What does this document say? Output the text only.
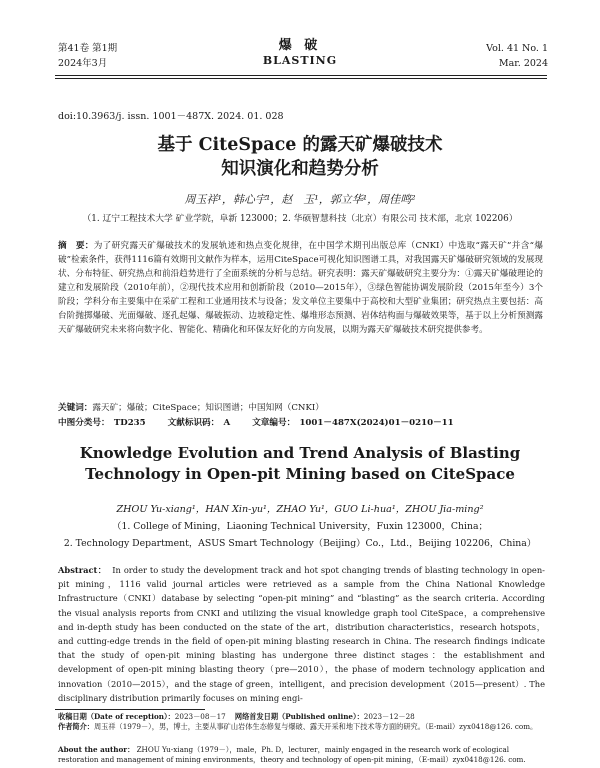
第41卷 第1期
2024年3月
爆 破
BLASTING
Vol. 41 No. 1
Mar. 2024
doi:10.3963/j. issn. 1001－487X. 2024. 01. 028
基于 CiteSpace 的露天矿爆破技术
知识演化和趋势分析
周玉祥¹，韩心宇¹，赵　玉¹，郭立华¹，周佳鸣²
（1. 辽宁工程技术大学 矿业学院，阜新 123000；2. 华硕智慧科技（北京）有限公司 技术部，北京 102206）
摘　要：为了研究露天矿爆破技术的发展轨迹和热点变化规律，在中国学术期刊出版总库（CNKI）中选取“露天矿”并含“爆破”检索条件，获得1116篇有效期刊文献作为样本，运用CiteSpace可视化知识图谱工具，对我国露天矿爆破研究领域的发展现状、分布特征、研究热点和前沿趋势进行了全面系统的分析与总结。研究表明：露天矿爆破研究主要分为：①露天矿爆破理论的建立和发展阶段（2010年前），②现代技术应用和创新阶段（2010—2015年），③绿色智能协调发展阶段（2015年至今）3个阶段；学科分布主要集中在采矿工程和工业通用技术与设备；发文单位主要集中于高校和大型矿业集团；研究热点主要包括：高台阶抛掷爆破、光面爆破、逐孔起爆、爆破振动、边坡稳定性、爆堆形态预测、岩体结构面与爆破效果等，基于以上分析预测露天矿爆破研究未来将向数字化、智能化、精确化和环保友好化的方向发展，以期为露天矿爆破技术研究提供参考。
关键词：露天矿；爆破；CiteSpace；知识图谱；中国知网（CNKI）
中图分类号：　TD235	文献标识码：　A	文章编号：　1001－487X(2024)01－0210－11
Knowledge Evolution and Trend Analysis of Blasting
Technology in Open-pit Mining based on CiteSpace
ZHOU Yu-xiang¹，HAN Xin-yu¹，ZHAO Yu¹，GUO Li-hua¹，ZHOU Jia-ming²
（1. College of Mining，Liaoning Technical University，Fuxin 123000，China；
2. Technology Department，ASUS Smart Technology（Beijing）Co.，Ltd.，Beijing 102206，China）
Abstract： In order to study the development track and hot spot changing trends of blasting technology in open-pit mining，1116 valid journal articles were retrieved as a sample from the China National Knowledge Infrastructure（CNKI）database by selecting “open-pit mining” and “blasting” as the search criteria. According the visual analysis reports from CNKI and utilizing the visual knowledge graph tool CiteSpace，a comprehensive and in-depth study has been conducted on the state of the art，distribution characteristics，research hotspots，and cutting-edge trends in the field of open-pit mining blasting research in China. The research findings indicate that the study of open-pit mining blasting has undergone three distinct stages：the establishment and development of open-pit mining blasting theory（pre—2010），the phase of modern technology application and innovation（2010—2015），and the stage of green，intelligent，and precision development（2015—present）. The disciplinary distribution primarily focuses on mining engi-
收稿日期（Date of reception）：2023－08－17 网络首发日期（Published online）：2023－12－28
作者简介：周玉祥（1979－），男，博士，主要从事矿山岩体生态修复与爆破、露天开采和地下技术等方面的研究。（E-mail）zyx0418@126. com。
About the author： ZHOU Yu-xiang（1979－），male，Ph. D，lecturer，mainly engaged in the research work of ecological restoration and management of mining environments，theory and technology of open-pit mining，（E-mail）zyx0418@126. com.
